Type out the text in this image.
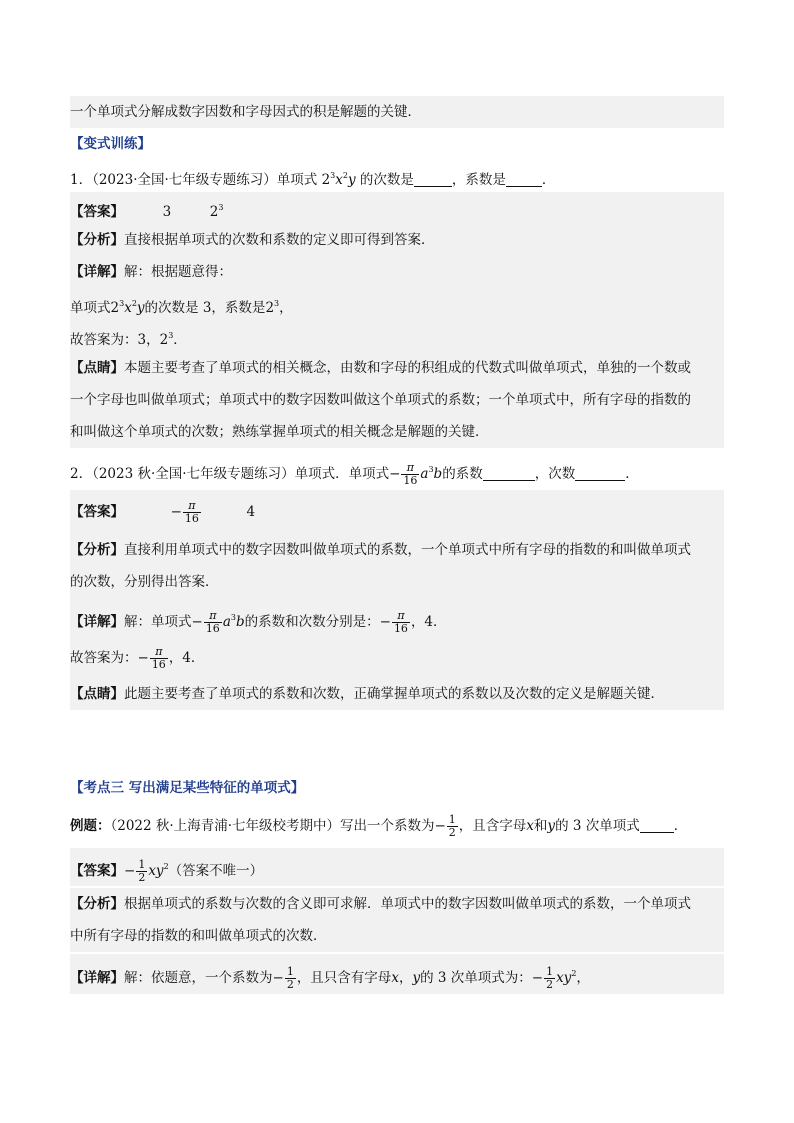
一个单项式分解成数字因数和字母因式的积是解题的关键．
【变式训练】
1．（2023·全国·七年级专题练习）单项式 $2^3x^2y$ 的次数是	，系数是	．
【答案】	3	$2^3$
【分析】直接根据单项式的次数和系数的定义即可得到答案．
【详解】解：根据题意得：
单项式$2^3x^2y$的次数是 3，系数是$2^3$，
故答案为：3，$2^3$．
【点睛】本题主要考查了单项式的相关概念，由数和字母的积组成的代数式叫做单项式，单独的一个数或
一个字母也叫做单项式；单项式中的数字因数叫做这个单项式的系数；一个单项式中，所有字母的指数的
和叫做这个单项式的次数；熟练掌握单项式的相关概念是解题的关键．
2．（2023 秋·全国·七年级专题练习）单项式．单项式− $\frac{\pi}{16} a^3b$的系数	，次数	．
【答案】	− $\frac{\pi}{16}$	4
【分析】直接利用单项式中的数字因数叫做单项式的系数，一个单项式中所有字母的指数的和叫做单项式
的次数，分别得出答案．
【详解】解：单项式− $\frac{\pi}{16} a^3b$的系数和次数分别是：− $\frac{\pi}{16}$ ，4．
故答案为：− $\frac{\pi}{16}$ ，4．
【点睛】此题主要考查了单项式的系数和次数，正确掌握单项式的系数以及次数的定义是解题关键．
【考点三 写出满足某些特征的单项式】
例题：（2022 秋·上海青浦·七年级校考期中）写出一个系数为− $\frac{1}{2}$ ，且含字母x和y的 3 次单项式	．
【答案】− $\frac{1}{2} xy^2$（答案不唯一）
【分析】根据单项式的系数与次数的含义即可求解．单项式中的数字因数叫做单项式的系数，一个单项式
中所有字母的指数的和叫做单项式的次数．
【详解】解：依题意，一个系数为− $\frac{1}{2}$ ，且只含有字母x，y的 3 次单项式为：− $\frac{1}{2} xy^2$，
